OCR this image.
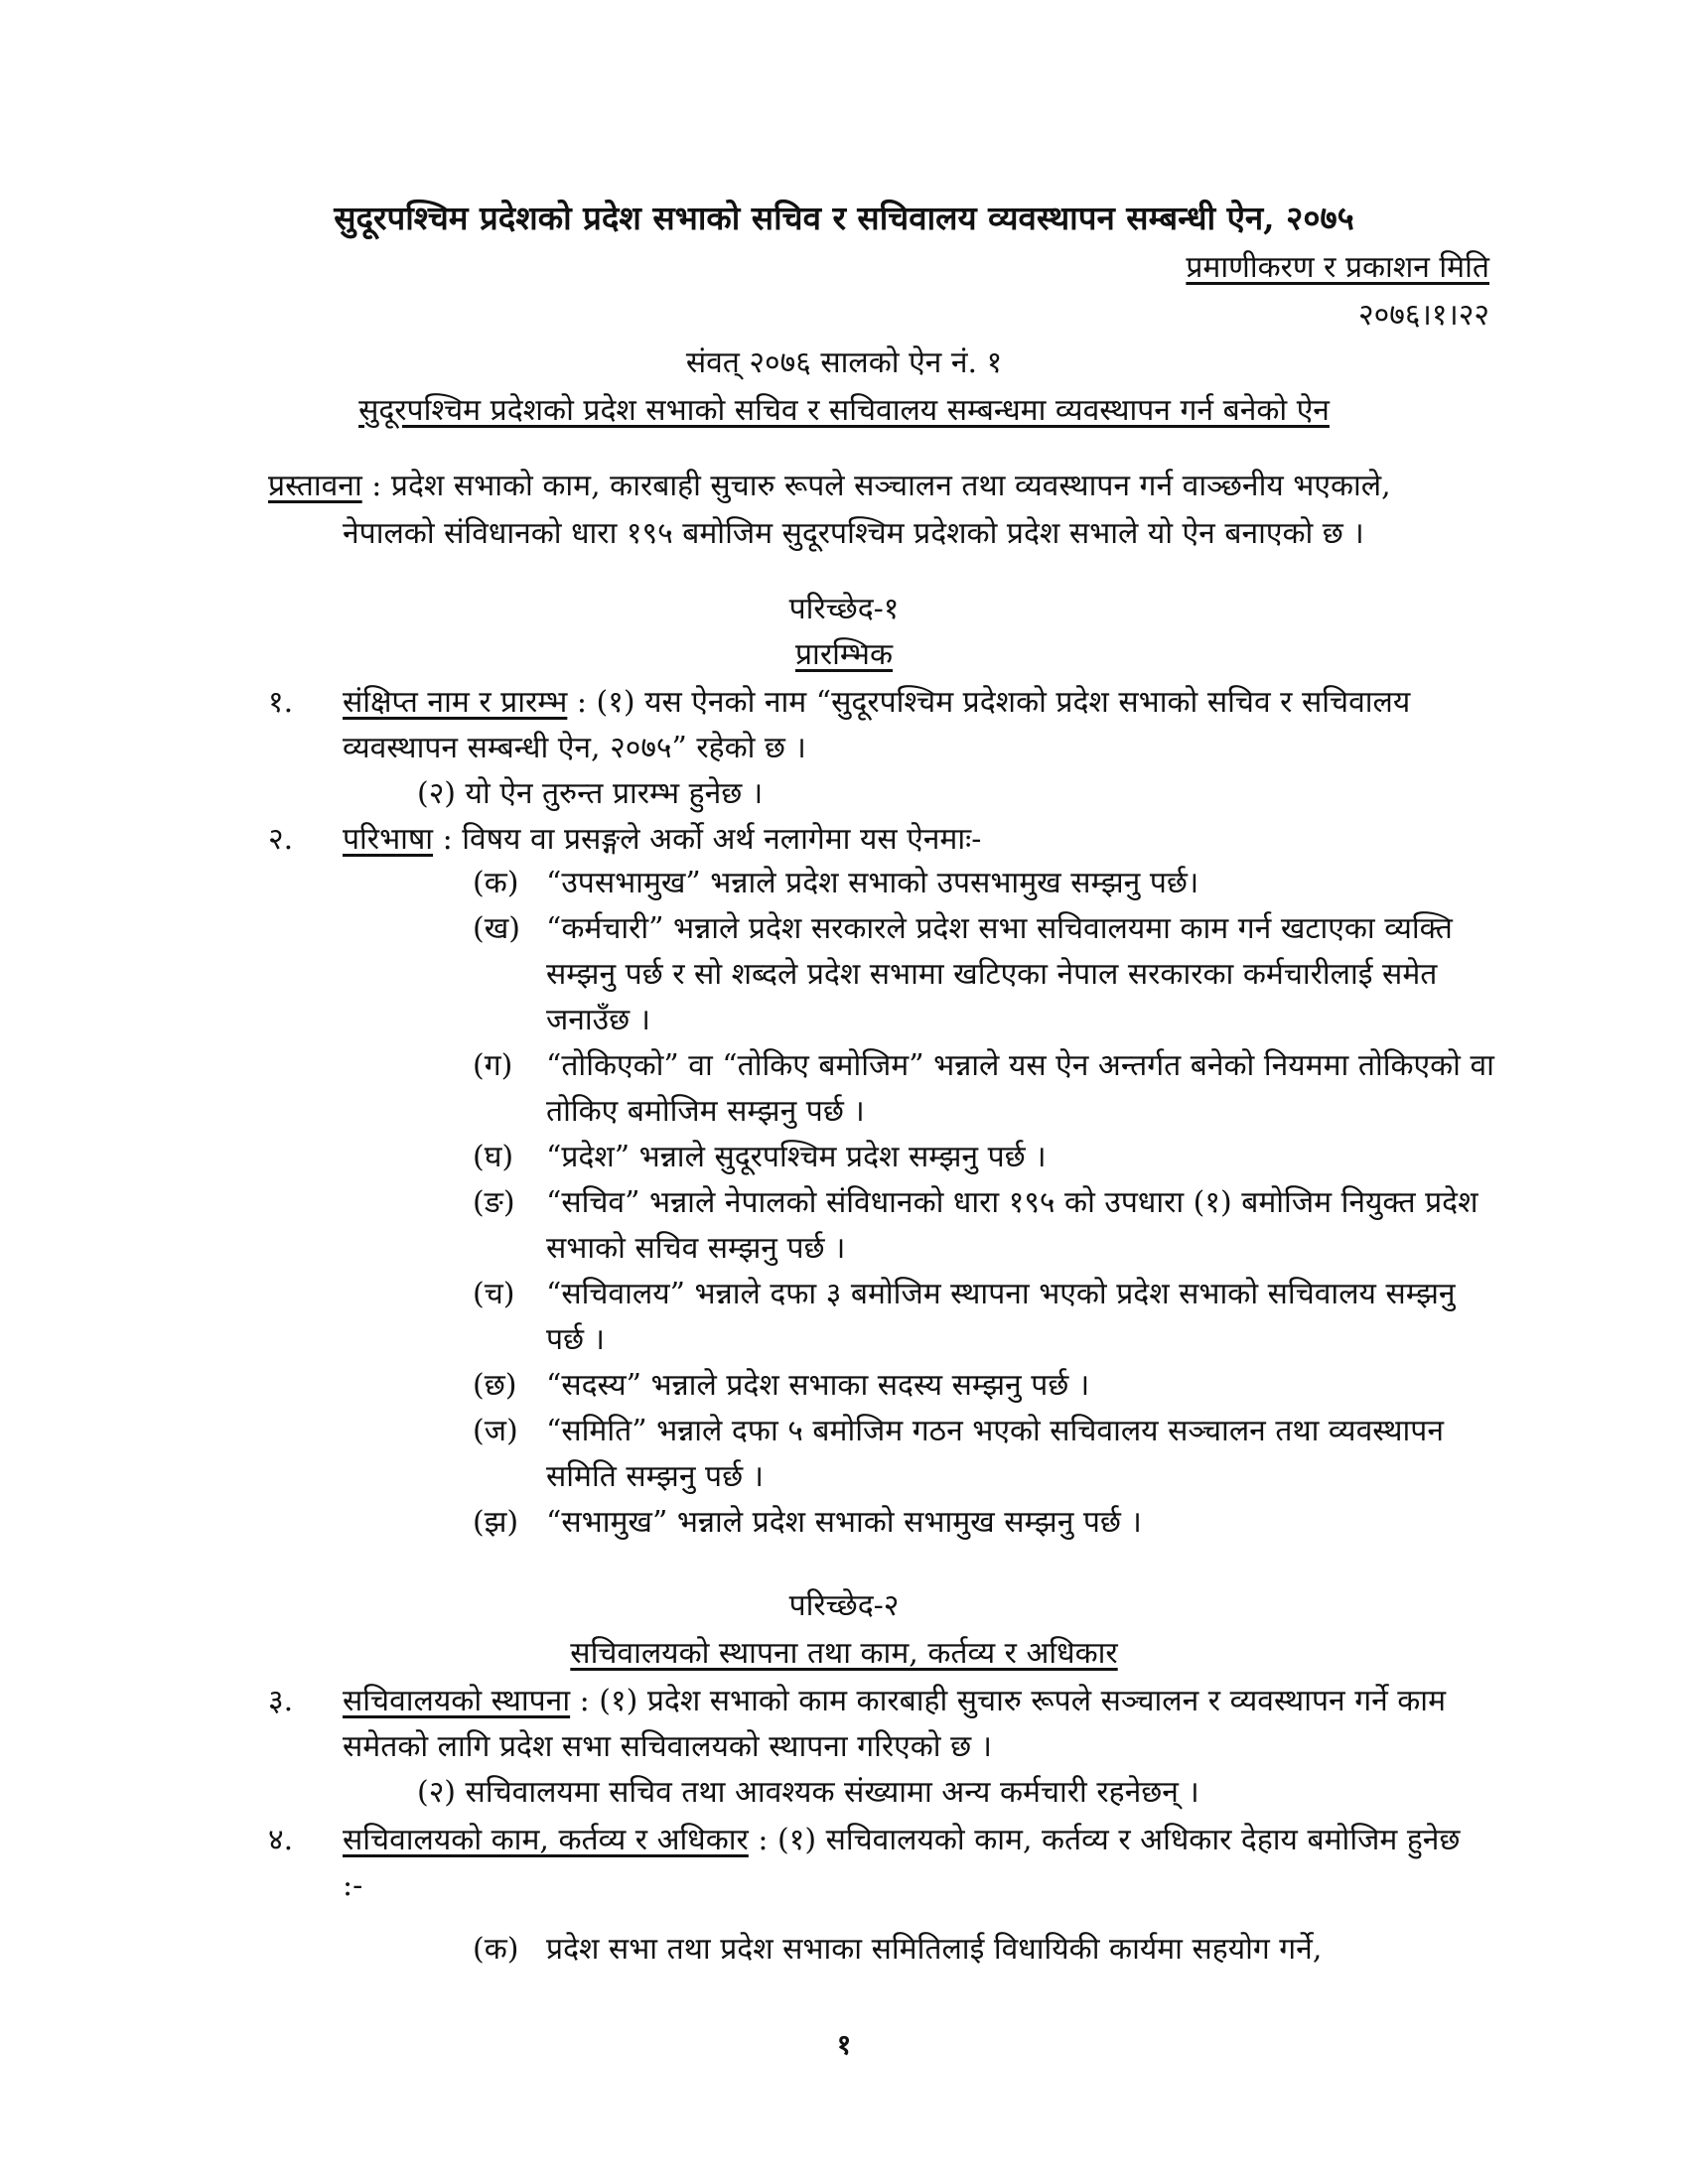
सुदूरपश्चिम प्रदेशको प्रदेश सभाको सचिव र सचिवालय व्यवस्थापन सम्बन्धी ऐन, २०७५
प्रमाणीकरण र प्रकाशन मिति
२०७६।१।२२
संवत् २०७६ सालको ऐन नं. १
सुदूरपश्चिम प्रदेशको प्रदेश सभाको सचिव र सचिवालय सम्बन्धमा व्यवस्थापन गर्न बनेको ऐन
प्रस्तावना : प्रदेश सभाको काम, कारबाही सुचारु रूपले सञ्चालन तथा व्यवस्थापन गर्न वाञ्छनीय भएकाले,
नेपालको संविधानको धारा १९५ बमोजिम सुदूरपश्चिम प्रदेशको प्रदेश सभाले यो ऐन बनाएको छ ।
परिच्छेद-१
प्रारम्भिक
१.	संक्षिप्त नाम र प्रारम्भ : (१) यस ऐनको नाम “सुदूरपश्चिम प्रदेशको प्रदेश सभाको सचिव र सचिवालय
व्यवस्थापन सम्बन्धी ऐन, २०७५” रहेको छ ।
(२) यो ऐन तुरुन्त प्रारम्भ हुनेछ ।
२.	परिभाषा : विषय वा प्रसङ्गले अर्को अर्थ नलागेमा यस ऐनमाः-
(क) “उपसभामुख” भन्नाले प्रदेश सभाको उपसभामुख सम्झनु पर्छ।
(ख) “कर्मचारी” भन्नाले प्रदेश सरकारले प्रदेश सभा सचिवालयमा काम गर्न खटाएका व्यक्ति
सम्झनु पर्छ र सो शब्दले प्रदेश सभामा खटिएका नेपाल सरकारका कर्मचारीलाई समेत
जनाउँछ ।
(ग)	“तोकिएको” वा “तोकिए बमोजिम” भन्नाले यस ऐन अन्तर्गत बनेको नियममा तोकिएको वा
तोकिए बमोजिम सम्झनु पर्छ ।
(घ)	“प्रदेश” भन्नाले सुदूरपश्चिम प्रदेश सम्झनु पर्छ ।
(ङ)	“सचिव” भन्नाले नेपालको संविधानको धारा १९५ को उपधारा (१) बमोजिम नियुक्त प्रदेश
सभाको सचिव सम्झनु पर्छ ।
(च)	“सचिवालय” भन्नाले दफा ३ बमोजिम स्थापना भएको प्रदेश सभाको सचिवालय सम्झनु
पर्छ ।
(छ) “सदस्य” भन्नाले प्रदेश सभाका सदस्य सम्झनु पर्छ ।
(ज) “समिति” भन्नाले दफा ५ बमोजिम गठन भएको सचिवालय सञ्चालन तथा व्यवस्थापन
समिति सम्झनु पर्छ ।
(झ) “सभामुख” भन्नाले प्रदेश सभाको सभामुख सम्झनु पर्छ ।
परिच्छेद-२
सचिवालयको स्थापना तथा काम, कर्तव्य र अधिकार
३.	सचिवालयको स्थापना : (१) प्रदेश सभाको काम कारबाही सुचारु रूपले सञ्चालन र व्यवस्थापन गर्ने काम
समेतको लागि प्रदेश सभा सचिवालयको स्थापना गरिएको छ ।
(२) सचिवालयमा सचिव तथा आवश्यक संख्यामा अन्य कर्मचारी रहनेछन् ।
४.	सचिवालयको काम, कर्तव्य र अधिकार : (१) सचिवालयको काम, कर्तव्य र अधिकार देहाय बमोजिम हुनेछ
:-
(क) प्रदेश सभा तथा प्रदेश सभाका समितिलाई विधायिकी कार्यमा सहयोग गर्ने,
१
